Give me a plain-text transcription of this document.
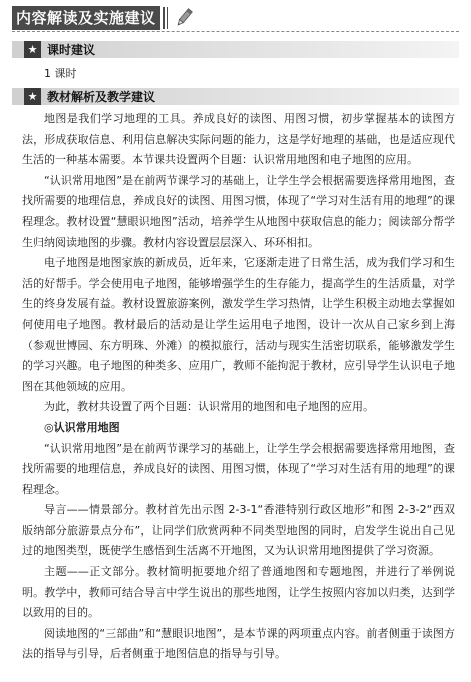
内容解读及实施建议
★ 课时建议
1 课时
★ 教材解析及教学建议

地图是我们学习地理的工具。养成良好的读图、用图习惯，初步掌握基本的读图方法，形成获取信息、利用信息解决实际问题的能力，这是学好地理的基础，也是适应现代生活的一种基本需要。本节课共设置两个目题：认识常用地图和电子地图的应用。

“认识常用地图”是在前两节课学习的基础上，让学生学会根据需要选择常用地图，查找所需要的地理信息，养成良好的读图、用图习惯，体现了“学习对生活有用的地理”的课程理念。教材设置“慧眼识地图”活动，培养学生从地图中获取信息的能力；阅读部分帮学生归纳阅读地图的步骤。教材内容设置层层深入、环环相扣。

电子地图是地图家族的新成员，近年来，它逐渐走进了日常生活，成为我们学习和生活的好帮手。学会使用电子地图，能够增强学生的生存能力，提高学生的生活质量，对学生的终身发展有益。教材设置旅游案例，激发学生学习热情，让学生积极主动地去掌握如何使用电子地图。教材最后的活动是让学生运用电子地图，设计一次从自己家乡到上海（参观世博园、东方明珠、外滩）的模拟旅行，活动与现实生活密切联系，能够激发学生的学习兴趣。电子地图的种类多、应用广，教师不能拘泥于教材，应引导学生认识电子地图在其他领域的应用。

为此，教材共设置了两个目题：认识常用的地图和电子地图的应用。

◎认识常用地图

“认识常用地图”是在前两节课学习的基础上，让学生学会根据需要选择常用地图，查找所需要的地理信息，养成良好的读图、用图习惯，体现了“学习对生活有用的地理”的课程理念。

导言——情景部分。教材首先出示图 2-3-1“香港特别行政区地形”和图 2-3-2“西双版纳部分旅游景点分布”，让同学们欣赏两种不同类型地图的同时，启发学生说出自己见过的地图类型，既使学生感悟到生活离不开地图，又为认识常用地图提供了学习资源。

主题——正文部分。教材简明扼要地介绍了普通地图和专题地图，并进行了举例说明。教学中，教师可结合导言中学生说出的那些地图，让学生按照内容加以归类，达到学以致用的目的。

阅读地图的“三部曲”和“慧眼识地图”，是本节课的两项重点内容。前者侧重于读图方法的指导与引导，后者侧重于地图信息的指导与引导。
